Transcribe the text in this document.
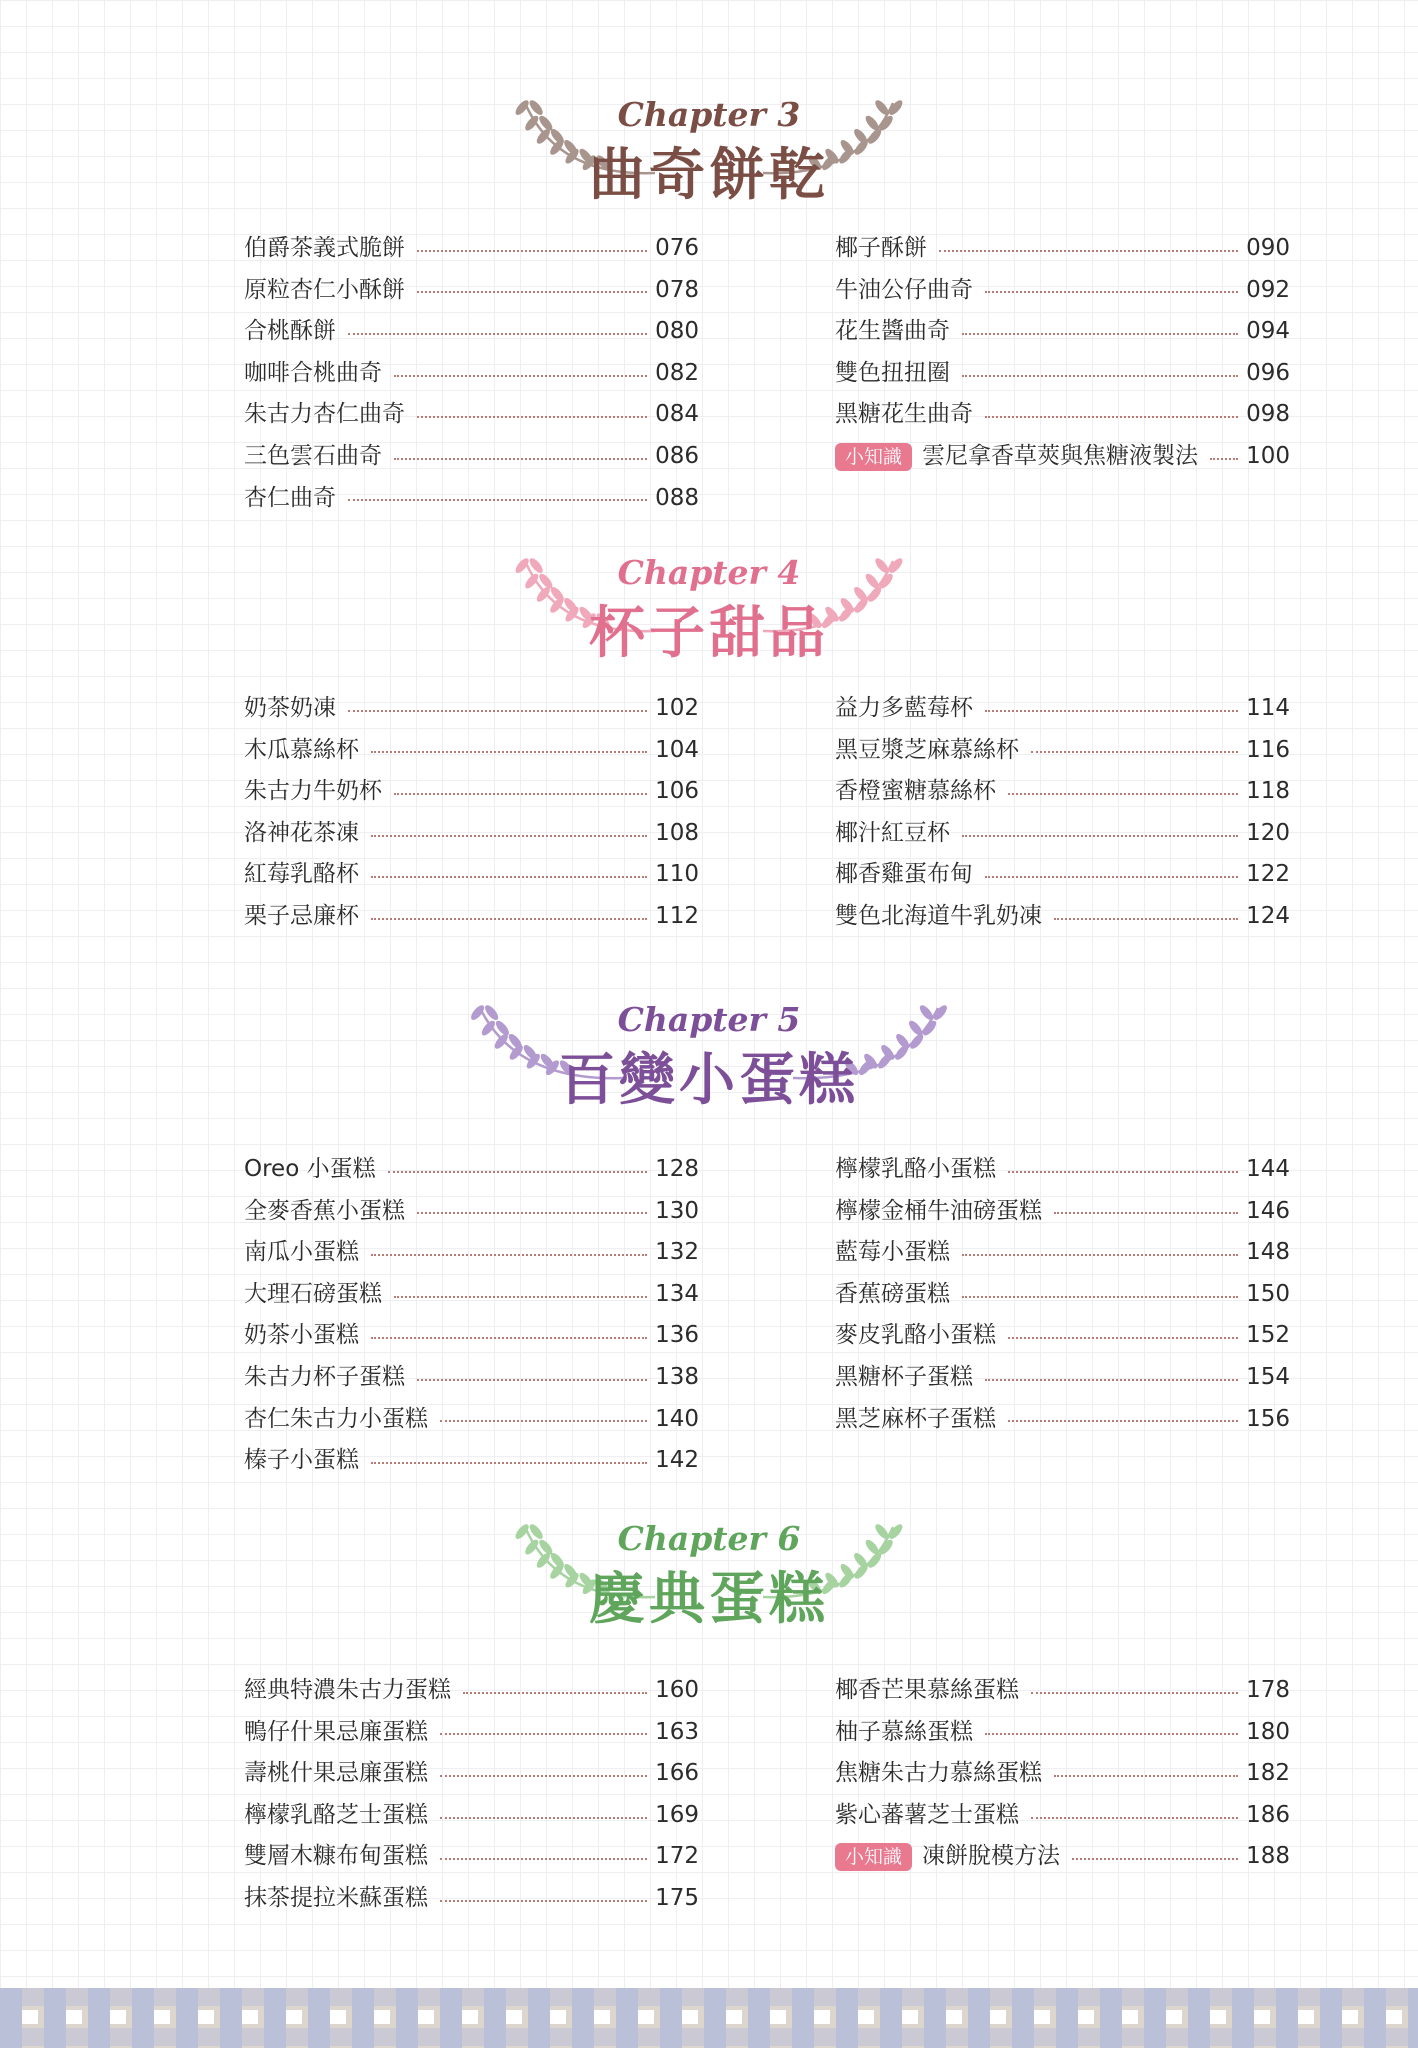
Chapter 3
曲奇餅乾
伯爵茶義式脆餅	076
原粒杏仁小酥餅	078
合桃酥餅	080
咖啡合桃曲奇	082
朱古力杏仁曲奇	084
三色雲石曲奇	086
杏仁曲奇	088
椰子酥餅	090
牛油公仔曲奇	092
花生醬曲奇	094
雙色扭扭圈	096
黑糖花生曲奇	098
小知識 雲尼拿香草莢與焦糖液製法 100
Chapter 4
杯子甜品
奶茶奶凍	102
木瓜慕絲杯	104
朱古力牛奶杯	106
洛神花茶凍	108
紅莓乳酪杯	110
栗子忌廉杯	112
益力多藍莓杯	114
黑豆漿芝麻慕絲杯	116
香橙蜜糖慕絲杯	118
椰汁紅豆杯	120
椰香雞蛋布甸	122
雙色北海道牛乳奶凍	124
Chapter 5
百變小蛋糕
Oreo 小蛋糕	128
全麥香蕉小蛋糕	130
南瓜小蛋糕	132
大理石磅蛋糕	134
奶茶小蛋糕	136
朱古力杯子蛋糕	138
杏仁朱古力小蛋糕	140
榛子小蛋糕	142
檸檬乳酪小蛋糕	144
檸檬金桶牛油磅蛋糕	146
藍莓小蛋糕	148
香蕉磅蛋糕	150
麥皮乳酪小蛋糕	152
黑糖杯子蛋糕	154
黑芝麻杯子蛋糕	156
Chapter 6
慶典蛋糕
經典特濃朱古力蛋糕	160
鴨仔什果忌廉蛋糕	163
壽桃什果忌廉蛋糕	166
檸檬乳酪芝士蛋糕	169
雙層木糠布甸蛋糕	172
抹茶提拉米蘇蛋糕	175
椰香芒果慕絲蛋糕	178
柚子慕絲蛋糕	180
焦糖朱古力慕絲蛋糕	182
紫心蕃薯芝士蛋糕	186
小知識 凍餅脫模方法	188
